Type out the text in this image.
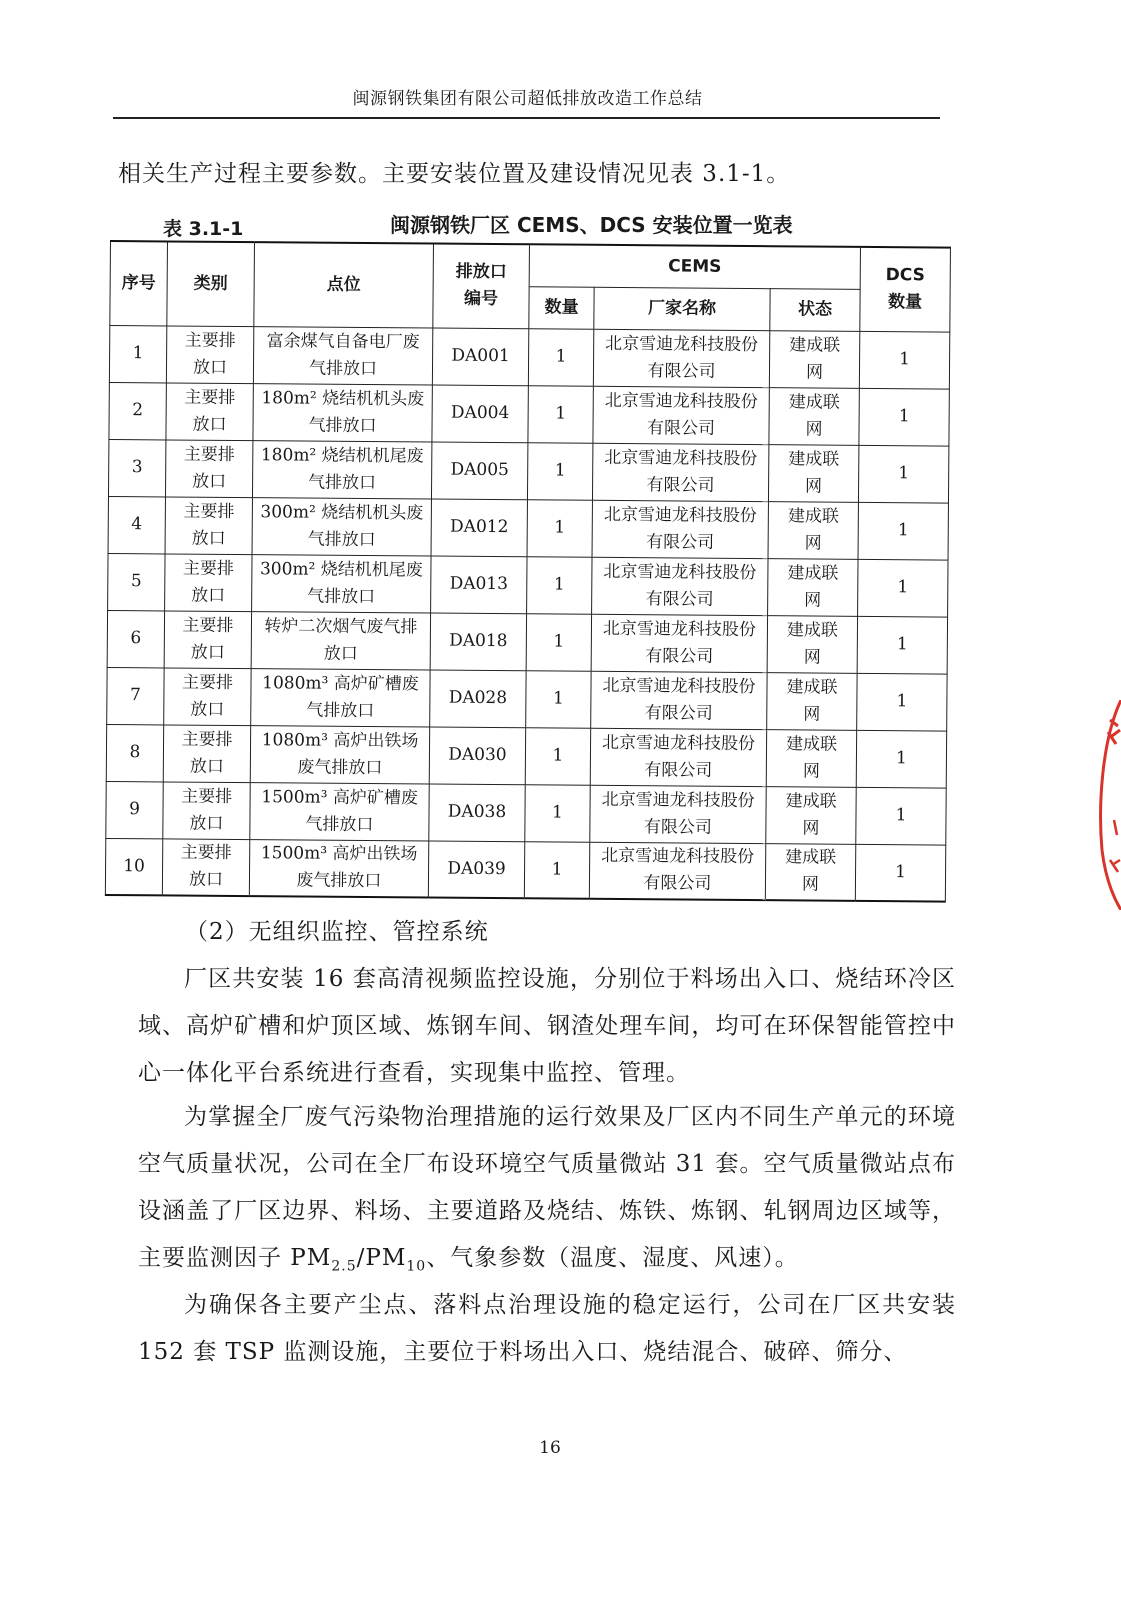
闽源钢铁集团有限公司超低排放改造工作总结

相关生产过程主要参数。主要安装位置及建设情况见表 3.1-1。

表 3.1-1	闽源钢铁厂区 CEMS、DCS 安装位置一览表
序号	类别	点位	排放口编号	CEMS			DCS数量
				数量	厂家名称	状态	
1	主要排放口	富余煤气自备电厂废气排放口	DA001	1	北京雪迪龙科技股份有限公司	建成联网	1
2	主要排放口	180m² 烧结机机头废气排放口	DA004	1	北京雪迪龙科技股份有限公司	建成联网	1
3	主要排放口	180m² 烧结机机尾废气排放口	DA005	1	北京雪迪龙科技股份有限公司	建成联网	1
4	主要排放口	300m² 烧结机机头废气排放口	DA012	1	北京雪迪龙科技股份有限公司	建成联网	1
5	主要排放口	300m² 烧结机机尾废气排放口	DA013	1	北京雪迪龙科技股份有限公司	建成联网	1
6	主要排放口	转炉二次烟气废气排放口	DA018	1	北京雪迪龙科技股份有限公司	建成联网	1
7	主要排放口	1080m³ 高炉矿槽废气排放口	DA028	1	北京雪迪龙科技股份有限公司	建成联网	1
8	主要排放口	1080m³ 高炉出铁场废气排放口	DA030	1	北京雪迪龙科技股份有限公司	建成联网	1
9	主要排放口	1500m³ 高炉矿槽废气排放口	DA038	1	北京雪迪龙科技股份有限公司	建成联网	1
10	主要排放口	1500m³ 高炉出铁场废气排放口	DA039	1	北京雪迪龙科技股份有限公司	建成联网	1

（2）无组织监控、管控系统

厂区共安装 16 套高清视频监控设施，分别位于料场出入口、烧结环冷区域、高炉矿槽和炉顶区域、炼钢车间、钢渣处理车间，均可在环保智能管控中心一体化平台系统进行查看，实现集中监控、管理。

为掌握全厂废气污染物治理措施的运行效果及厂区内不同生产单元的环境空气质量状况，公司在全厂布设环境空气质量微站 31 套。空气质量微站点布设涵盖了厂区边界、料场、主要道路及烧结、炼铁、炼钢、轧钢周边区域等，主要监测因子 $PM_{2.5}/PM_{10}$、气象参数（温度、湿度、风速）。

为确保各主要产尘点、落料点治理设施的稳定运行，公司在厂区共安装 152 套 TSP 监测设施，主要位于料场出入口、烧结混合、破碎、筛分、

16
